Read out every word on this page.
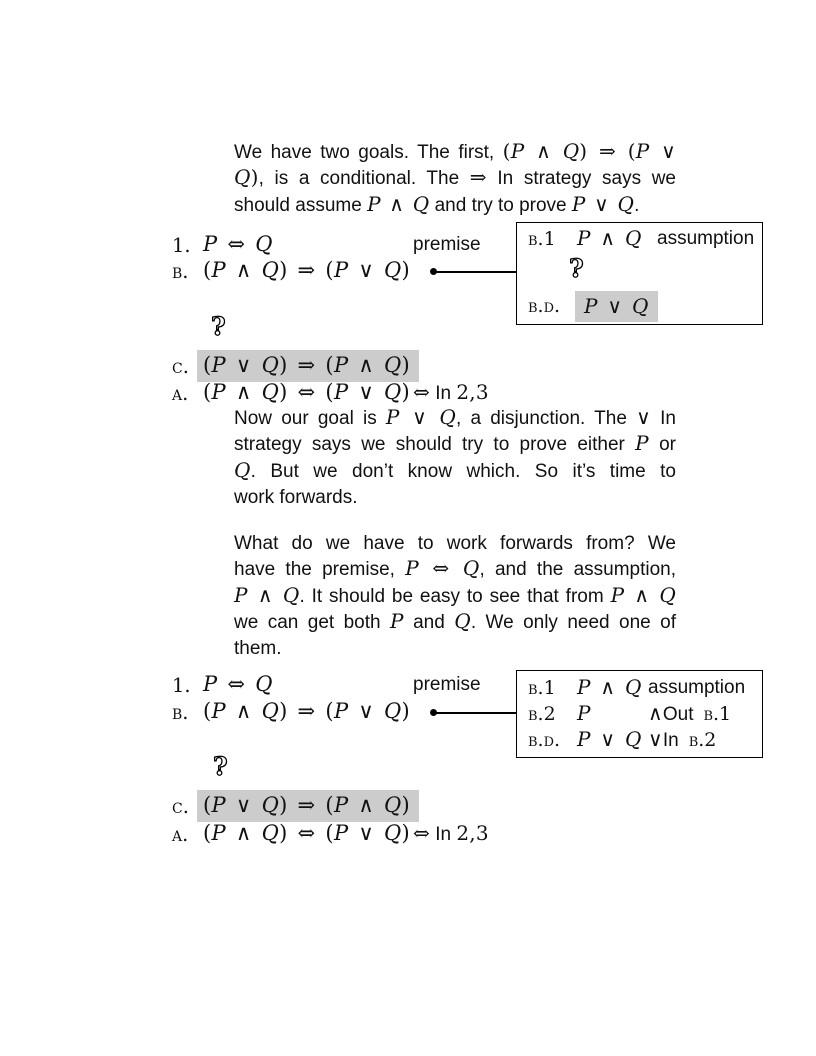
We have two goals. The first, (P ∧ Q) ⇒ (P ∨
Q), is a conditional. The ⇒ In strategy says we
should assume P ∧ Q and try to prove P ∨ Q.
1. P ⇔ Q	premise
b. (P ∧ Q) ⇒ (P ∨ Q)
b.1 P ∧ Q assumption
?
b.d.	P ∨ Q
?
c. (P ∨ Q) ⇒ (P ∧ Q)
a. (P ∧ Q) ⇔ (P ∨ Q) ⇔ In 2,3
Now our goal is P ∨ Q, a disjunction. The ∨ In
strategy says we should try to prove either P or
Q. But we don’t know which. So it’s time to
work forwards.
What do we have to work forwards from? We
have the premise, P ⇔ Q, and the assumption,
P ∧ Q. It should be easy to see that from P ∧ Q
we can get both P and Q. We only need one of
them.
1. P ⇔ Q	premise
b. (P ∧ Q) ⇒ (P ∨ Q)
b.1 P ∧ Q assumption
b.2 P	∧Out b.1
b.d. P ∨ Q ∨In b.2
?
c. (P ∨ Q) ⇒ (P ∧ Q)
a. (P ∧ Q) ⇔ (P ∨ Q) ⇔ In 2,3
